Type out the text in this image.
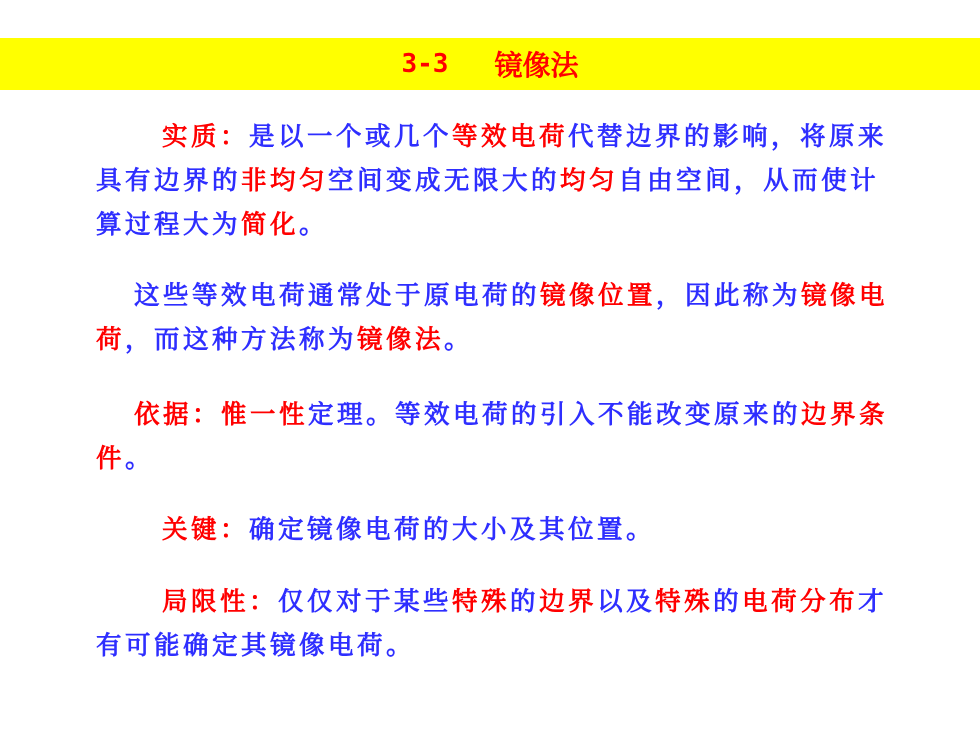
3-3 镜像法

实质：是以一个或几个等效电荷代替边界的影响，将原来具有边界的非均匀空间变成无限大的均匀自由空间，从而使计算过程大为简化。

这些等效电荷通常处于原电荷的镜像位置，因此称为镜像电荷，而这种方法称为镜像法。

依据：惟一性定理。等效电荷的引入不能改变原来的边界条件。

关键：确定镜像电荷的大小及其位置。

局限性：仅仅对于某些特殊的边界以及特殊的电荷分布才有可能确定其镜像电荷。
